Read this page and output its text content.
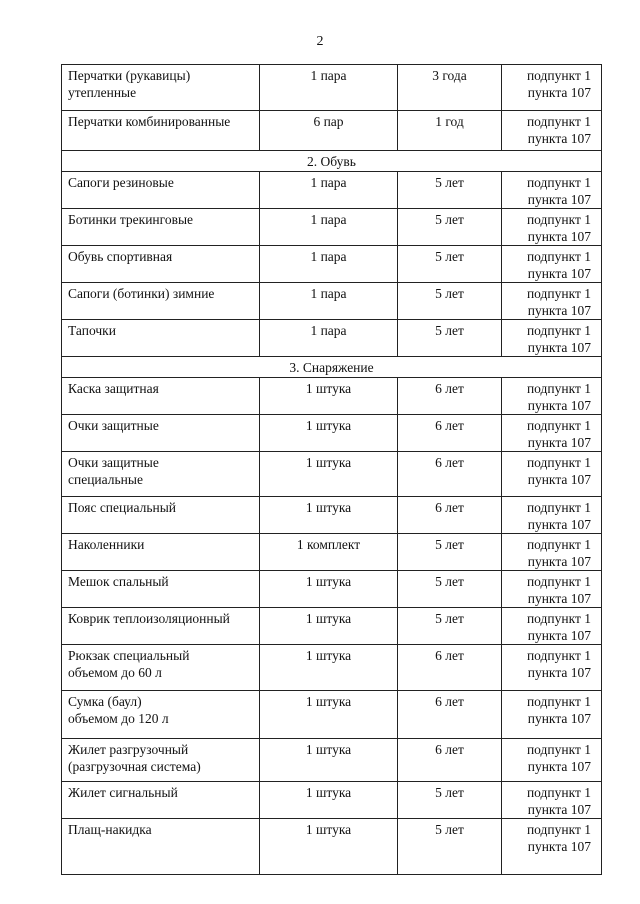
2
Перчатки (рукавицы)
утепленные	1 пара	3 года	подпункт 1
пункта 107
Перчатки комбинированные	6 пар	1 год	подпункт 1
пункта 107
2. Обувь			
Сапоги резиновые	1 пара	5 лет	подпункт 1
пункта 107
Ботинки трекинговые	1 пара	5 лет	подпункт 1
пункта 107
Обувь спортивная	1 пара	5 лет	подпункт 1
пункта 107
Сапоги (ботинки) зимние	1 пара	5 лет	подпункт 1
пункта 107
Тапочки	1 пара	5 лет	подпункт 1
пункта 107
3. Снаряжение			
Каска защитная	1 штука	6 лет	подпункт 1
пункта 107
Очки защитные	1 штука	6 лет	подпункт 1
пункта 107
Очки защитные
специальные	1 штука	6 лет	подпункт 1
пункта 107
Пояс специальный	1 штука	6 лет	подпункт 1
пункта 107
Наколенники	1 комплект	5 лет	подпункт 1
пункта 107
Мешок спальный	1 штука	5 лет	подпункт 1
пункта 107
Коврик теплоизоляционный	1 штука	5 лет	подпункт 1
пункта 107
Рюкзак специальный
объемом до 60 л	1 штука	6 лет	подпункт 1
пункта 107
Сумка (баул)
объемом до 120 л	1 штука	6 лет	подпункт 1
пункта 107
Жилет разгрузочный
(разгрузочная система)	1 штука	6 лет	подпункт 1
пункта 107
Жилет сигнальный	1 штука	5 лет	подпункт 1
пункта 107
Плащ-накидка	1 штука	5 лет	подпункт 1
пункта 107
